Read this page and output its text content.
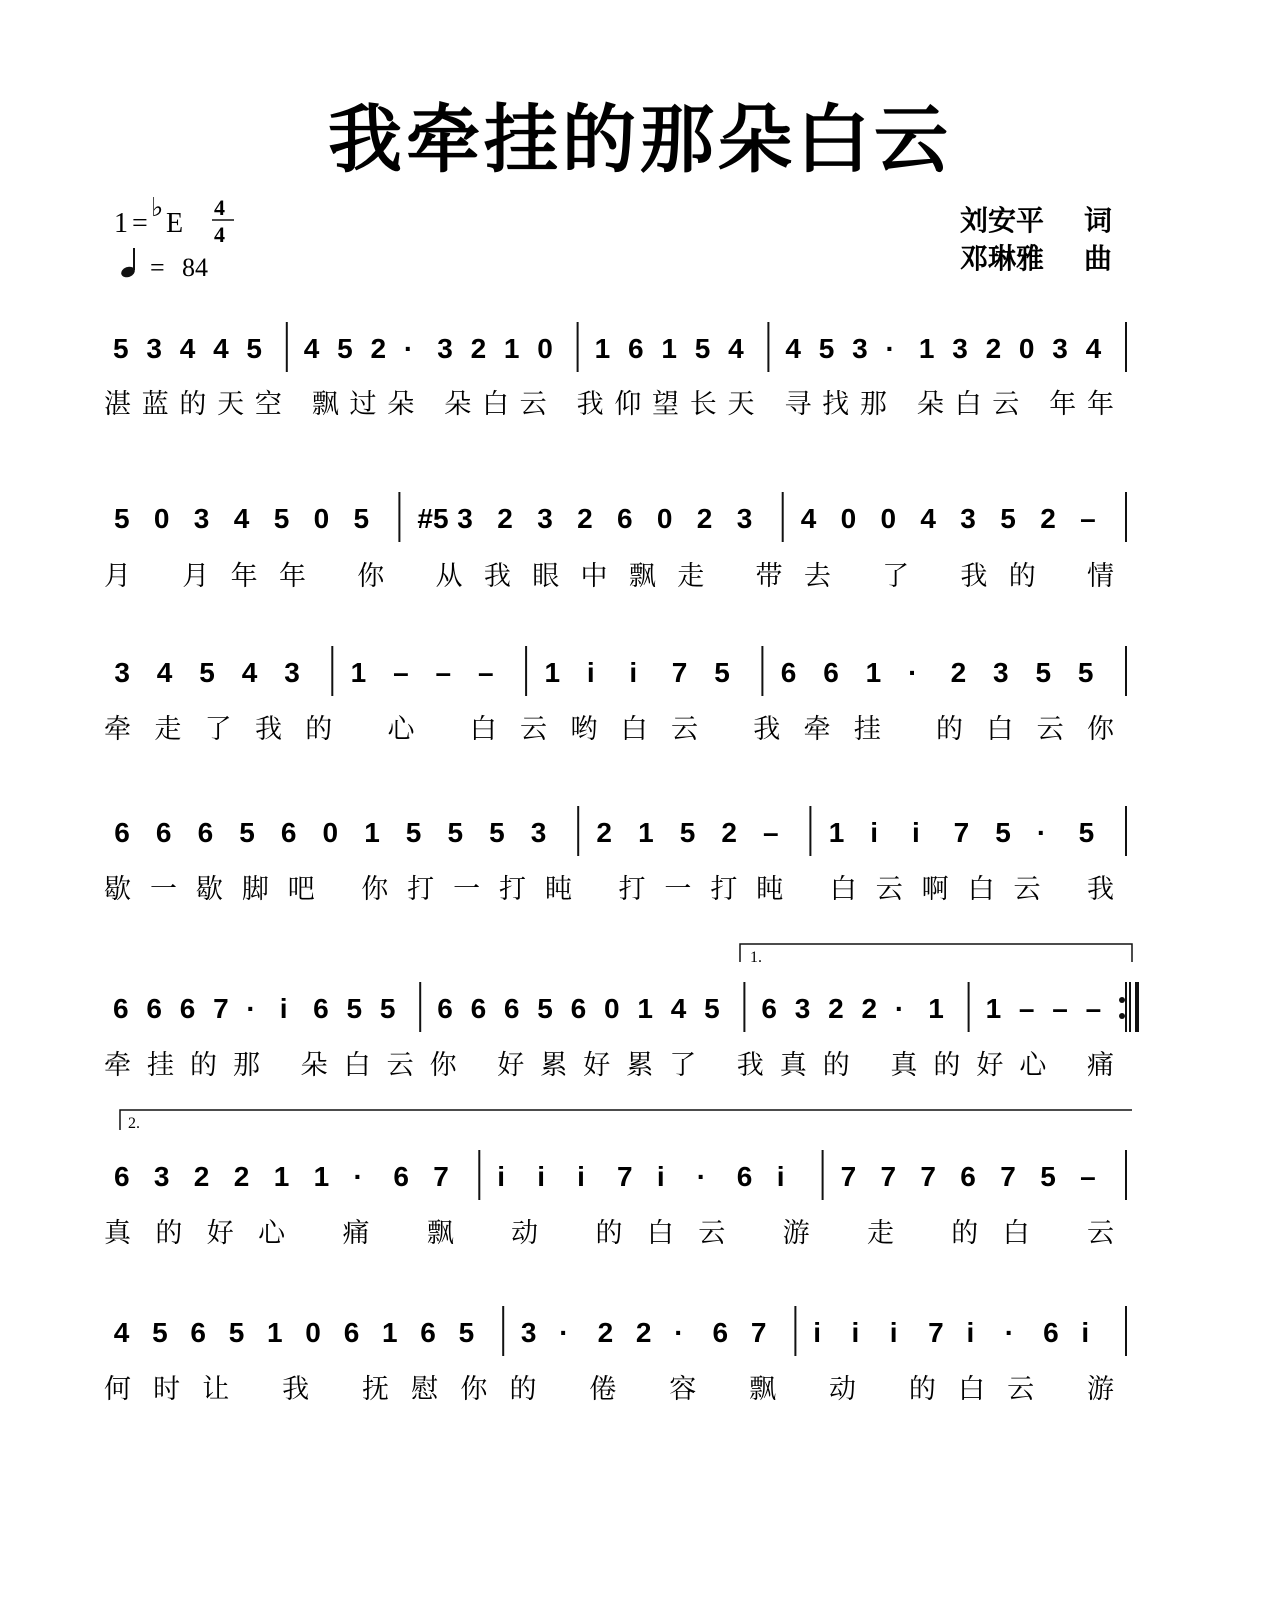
我牵挂的那朵白云
1 =
♭
E
4
4
= 84
刘安平 词
邓琳雅 曲
1.
2.
5 3 4 4 5 4 5 2 · 3 2 1 0 1 6 1 5 4 4 5 3 · 1 3 2 0 3 4
湛蓝的天空 飘过朵 朵白云 我仰望长天 寻找那 朵白云 年年
5 0 3 4 5 0 5 #5 3 2 3 2 6 0 2 3 4 0 0 4 3 5 2 –
月 月年年 你 从我眼中飘走 带去 了 我的 情
3 4 5 4 3 1 – – – 1 i i 7 5 6 6 1 · 2 3 5 5
牵走了我的 心 白云哟白云 我牵挂 的白云你
6 6 6 5 6 0 1 5 5 5 3 2 1 5 2 – 1 i i 7 5 · 5
歇一歇脚吧 你打一打盹 打一打盹 白云啊白云 我
6 6 6 7 · i 6 5 5 6 6 6 5 6 0 1 4 5 6 3 2 2 · 1 1 – – –
牵挂的那 朵白云你 好累好累了 我真的 真的好心 痛
6 3 2 2 1 1 · 6 7 i i i 7 i · 6 i 7 7 7 6 7 5 –
真的好心 痛 飘 动 的白云 游 走 的白 云
4 5 6 5 1 0 6 1 6 5 3 · 2 2 · 6 7 i i i 7 i · 6 i
何时让 我 抚慰你的 倦 容 飘 动 的白云 游
